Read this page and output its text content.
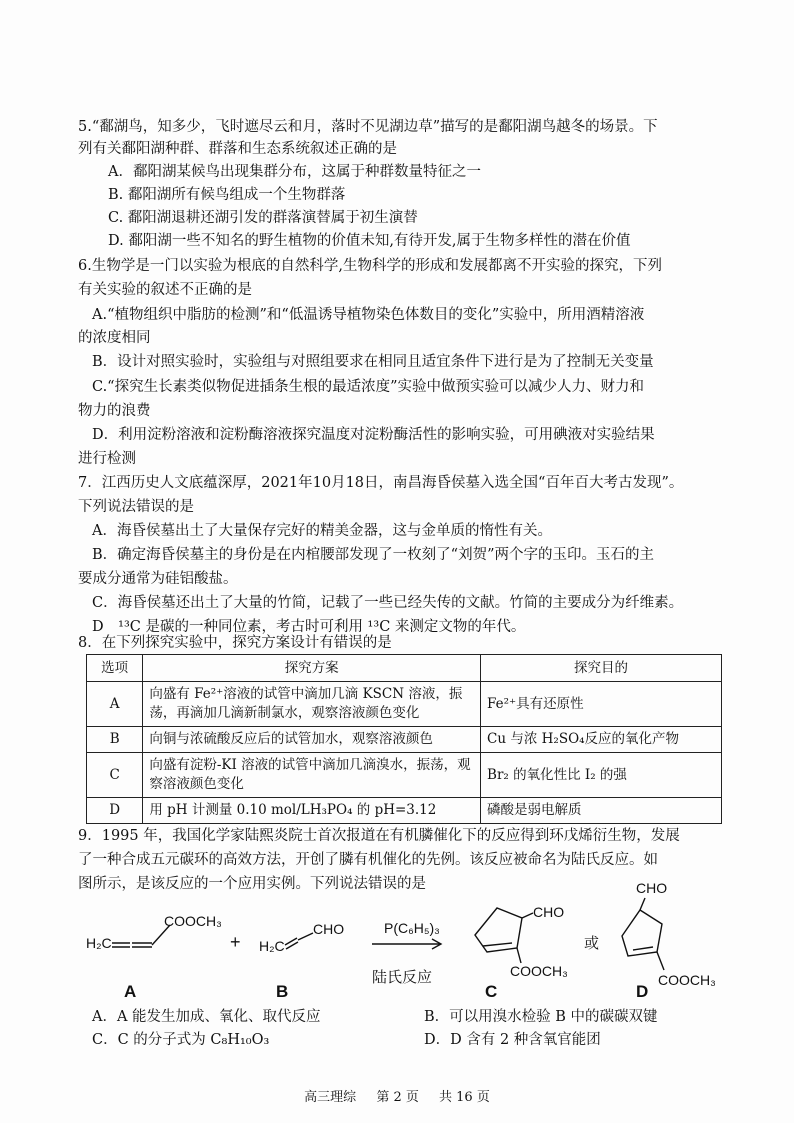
5.“鄱湖鸟，知多少，飞时遮尽云和月，落时不见湖边草”描写的是鄱阳湖鸟越冬的场景。下
列有关鄱阳湖种群、群落和生态系统叙述正确的是
A．鄱阳湖某候鸟出现集群分布，这属于种群数量特征之一
B. 鄱阳湖所有候鸟组成一个生物群落
C. 鄱阳湖退耕还湖引发的群落演替属于初生演替
D. 鄱阳湖一些不知名的野生植物的价值未知,有待开发,属于生物多样性的潜在价值
6.生物学是一门以实验为根底的自然科学,生物科学的形成和发展都离不开实验的探究，下列
有关实验的叙述不正确的是
A.“植物组织中脂肪的检测”和“低温诱导植物染色体数目的变化”实验中，所用酒精溶液
的浓度相同
B．设计对照实验时，实验组与对照组要求在相同且适宜条件下进行是为了控制无关变量
C.“探究生长素类似物促进插条生根的最适浓度”实验中做预实验可以减少人力、财力和
物力的浪费
D．利用淀粉溶液和淀粉酶溶液探究温度对淀粉酶活性的影响实验，可用碘液对实验结果
进行检测
7．江西历史人文底蕴深厚，2021年10月18日，南昌海昏侯墓入选全国“百年百大考古发现”。
下列说法错误的是
A．海昏侯墓出土了大量保存完好的精美金器，这与金单质的惰性有关。
B．确定海昏侯墓主的身份是在内棺腰部发现了一枚刻了“刘贺”两个字的玉印。玉石的主
要成分通常为硅铝酸盐。
C．海昏侯墓还出土了大量的竹简，记载了一些已经失传的文献。竹简的主要成分为纤维素。
D　¹³C 是碳的一种同位素，考古时可利用 ¹³C 来测定文物的年代。
8．在下列探究实验中，探究方案设计有错误的是
选项	探究方案	探究目的
A	向盛有 Fe²⁺溶液的试管中滴加几滴 KSCN 溶液，振荡，再滴加几滴新制氯水，观察溶液颜色变化	Fe²⁺具有还原性
B	向铜与浓硫酸反应后的试管加水，观察溶液颜色	Cu 与浓 H₂SO₄反应的氧化产物
C	向盛有淀粉-KI 溶液的试管中滴加几滴溴水，振荡，观察溶液颜色变化	Br₂ 的氧化性比 I₂ 的强
D	用 pH 计测量 0.10 mol/LH₃PO₄ 的 pH=3.12	磷酸是弱电解质
9．1995 年，我国化学家陆熙炎院士首次报道在有机膦催化下的反应得到环戊烯衍生物，发展
了一种合成五元碳环的高效方法，开创了膦有机催化的先例。该反应被命名为陆氏反应。如
图所示，是该反应的一个应用实例。下列说法错误的是
COOCH₃
H₂C	+ H₂C
CHO	P(C₆H₅)₃
陆氏反应
CHO
COOCH₃
或
CHO
COOCH₃
A	B	C	D
A．A 能发生加成、氧化、取代反应	B．可以用溴水检验 B 中的碳碳双键
C．C 的分子式为 C₈H₁₀O₃	D．D 含有 2 种含氧官能团
高三理综 第 2 页 共 16 页
